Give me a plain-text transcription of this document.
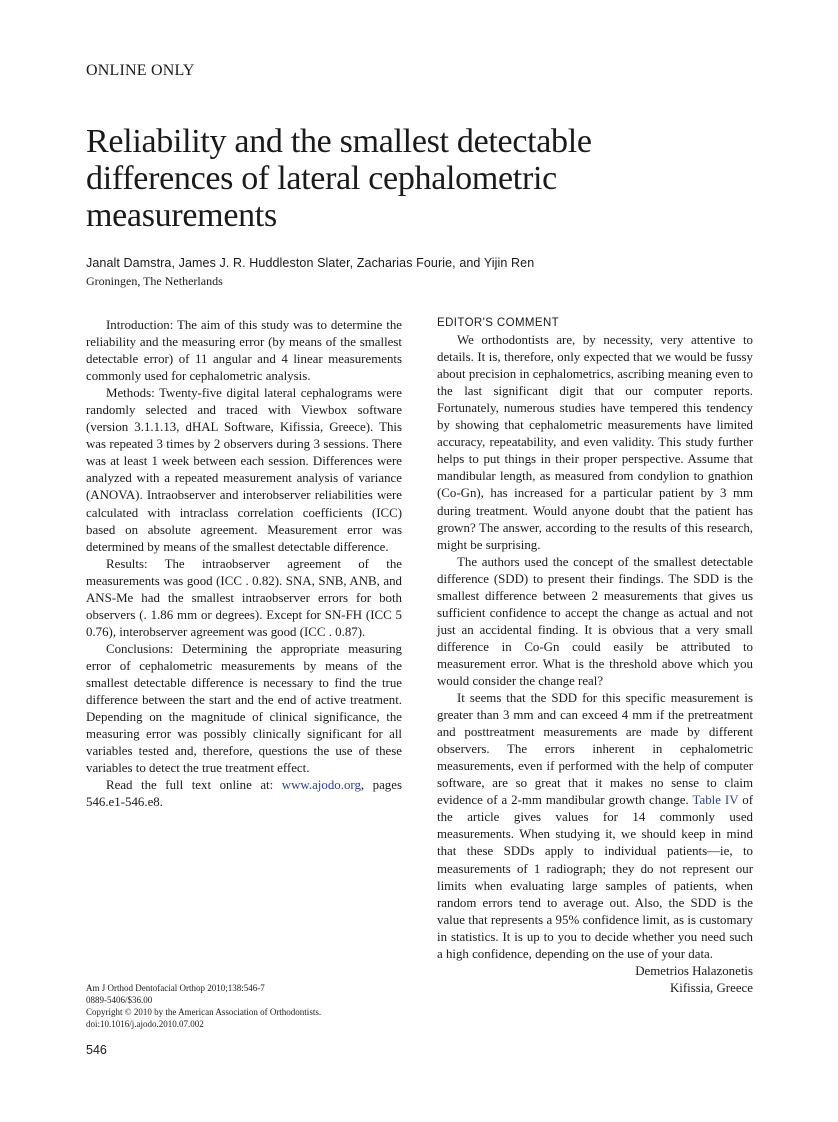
ONLINE ONLY
Reliability and the smallest detectable differences of lateral cephalometric measurements
Janalt Damstra, James J. R. Huddleston Slater, Zacharias Fourie, and Yijin Ren
Groningen, The Netherlands

Introduction: The aim of this study was to determine the reliability and the measuring error (by means of the smallest detectable error) of 11 angular and 4 linear measurements commonly used for cephalometric analysis.

Methods: Twenty-five digital lateral cephalograms were randomly selected and traced with Viewbox software (version 3.1.1.13, dHAL Software, Kifissia, Greece). This was repeated 3 times by 2 observers during 3 sessions. There was at least 1 week between each session. Differences were analyzed with a repeated measurement analysis of variance (ANOVA). Intraobserver and interobserver reliabilities were calculated with intraclass correlation coefficients (ICC) based on absolute agreement. Measurement error was determined by means of the smallest detectable difference.

Results: The intraobserver agreement of the measurements was good (ICC . 0.82). SNA, SNB, ANB, and ANS-Me had the smallest intraobserver errors for both observers (. 1.86 mm or degrees). Except for SN-FH (ICC 5 0.76), interobserver agreement was good (ICC . 0.87).

Conclusions: Determining the appropriate measuring error of cephalometric measurements by means of the smallest detectable difference is necessary to find the true difference between the start and the end of active treatment. Depending on the magnitude of clinical significance, the measuring error was possibly clinically significant for all variables tested and, therefore, questions the use of these variables to detect the true treatment effect.

Read the full text online at: www.ajodo.org, pages 546.e1-546.e8.

EDITOR'S COMMENT

We orthodontists are, by necessity, very attentive to details. It is, therefore, only expected that we would be fussy about precision in cephalometrics, ascribing meaning even to the last significant digit that our computer reports. Fortunately, numerous studies have tempered this tendency by showing that cephalometric measurements have limited accuracy, repeatability, and even validity. This study further helps to put things in their proper perspective. Assume that mandibular length, as measured from condylion to gnathion (Co-Gn), has increased for a particular patient by 3 mm during treatment. Would anyone doubt that the patient has grown? The answer, according to the results of this research, might be surprising.

The authors used the concept of the smallest detectable difference (SDD) to present their findings. The SDD is the smallest difference between 2 measurements that gives us sufficient confidence to accept the change as actual and not just an accidental finding. It is obvious that a very small difference in Co-Gn could easily be attributed to measurement error. What is the threshold above which you would consider the change real?

It seems that the SDD for this specific measurement is greater than 3 mm and can exceed 4 mm if the pretreatment and posttreatment measurements are made by different observers. The errors inherent in cephalometric measurements, even if performed with the help of computer software, are so great that it makes no sense to claim evidence of a 2-mm mandibular growth change. Table IV of the article gives values for 14 commonly used measurements. When studying it, we should keep in mind that these SDDs apply to individual patients—ie, to measurements of 1 radiograph; they do not represent our limits when evaluating large samples of patients, when random errors tend to average out. Also, the SDD is the value that represents a 95% confidence limit, as is customary in statistics. It is up to you to decide whether you need such a high confidence, depending on the use of your data.

Demetrios Halazonetis

Kifissia, Greece

Am J Orthod Dentofacial Orthop 2010;138:546-7
0889-5406/$36.00
Copyright © 2010 by the American Association of Orthodontists.
doi:10.1016/j.ajodo.2010.07.002
546
